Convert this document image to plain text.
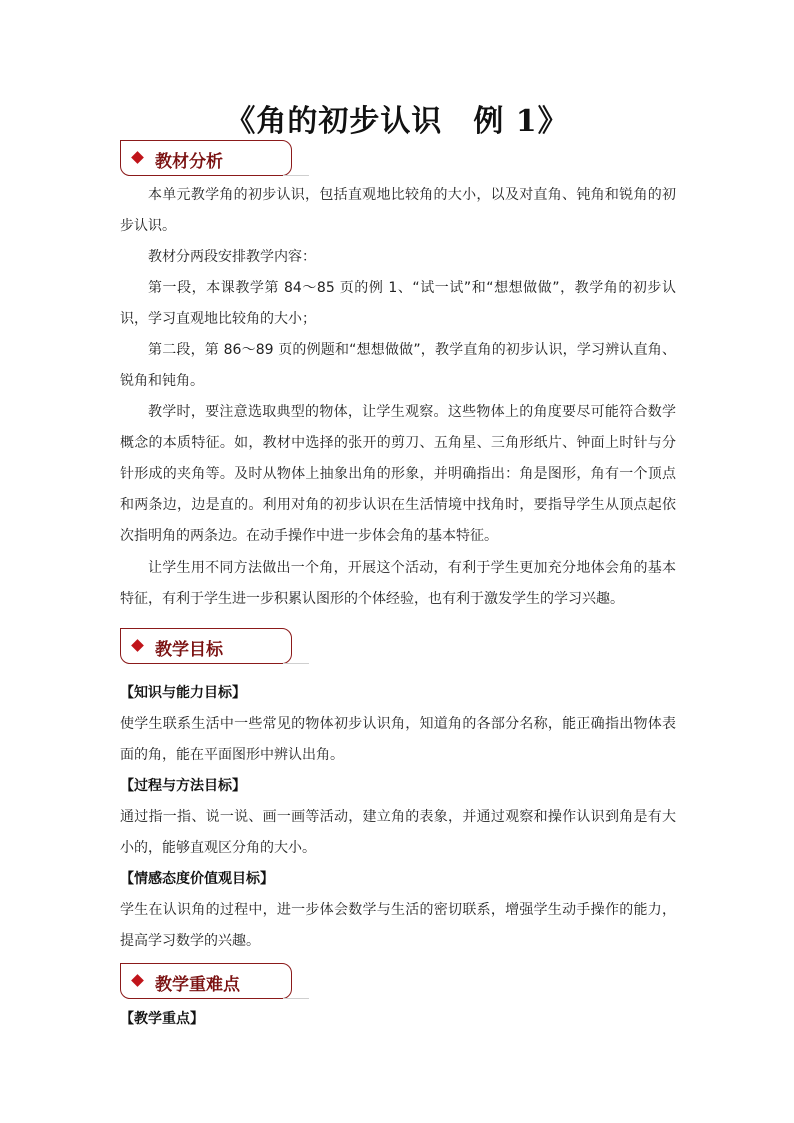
《角的初步认识　例 1》
教材分析
本单元教学角的初步认识，包括直观地比较角的大小，以及对直角、钝角和锐角的初步认识。
教材分两段安排教学内容：
第一段，本课教学第 84～85 页的例 1、“试一试”和“想想做做”，教学角的初步认识，学习直观地比较角的大小；
第二段，第 86～89 页的例题和“想想做做”，教学直角的初步认识，学习辨认直角、锐角和钝角。
教学时，要注意选取典型的物体，让学生观察。这些物体上的角度要尽可能符合数学概念的本质特征。如，教材中选择的张开的剪刀、五角星、三角形纸片、钟面上时针与分针形成的夹角等。及时从物体上抽象出角的形象，并明确指出：角是图形，角有一个顶点和两条边，边是直的。利用对角的初步认识在生活情境中找角时，要指导学生从顶点起依次指明角的两条边。在动手操作中进一步体会角的基本特征。
让学生用不同方法做出一个角，开展这个活动，有利于学生更加充分地体会角的基本特征，有利于学生进一步积累认图形的个体经验，也有利于激发学生的学习兴趣。
教学目标
【知识与能力目标】
使学生联系生活中一些常见的物体初步认识角，知道角的各部分名称，能正确指出物体表面的角，能在平面图形中辨认出角。
【过程与方法目标】
通过指一指、说一说、画一画等活动，建立角的表象，并通过观察和操作认识到角是有大小的，能够直观区分角的大小。
【情感态度价值观目标】
学生在认识角的过程中，进一步体会数学与生活的密切联系，增强学生动手操作的能力，提高学习数学的兴趣。
教学重难点
【教学重点】
